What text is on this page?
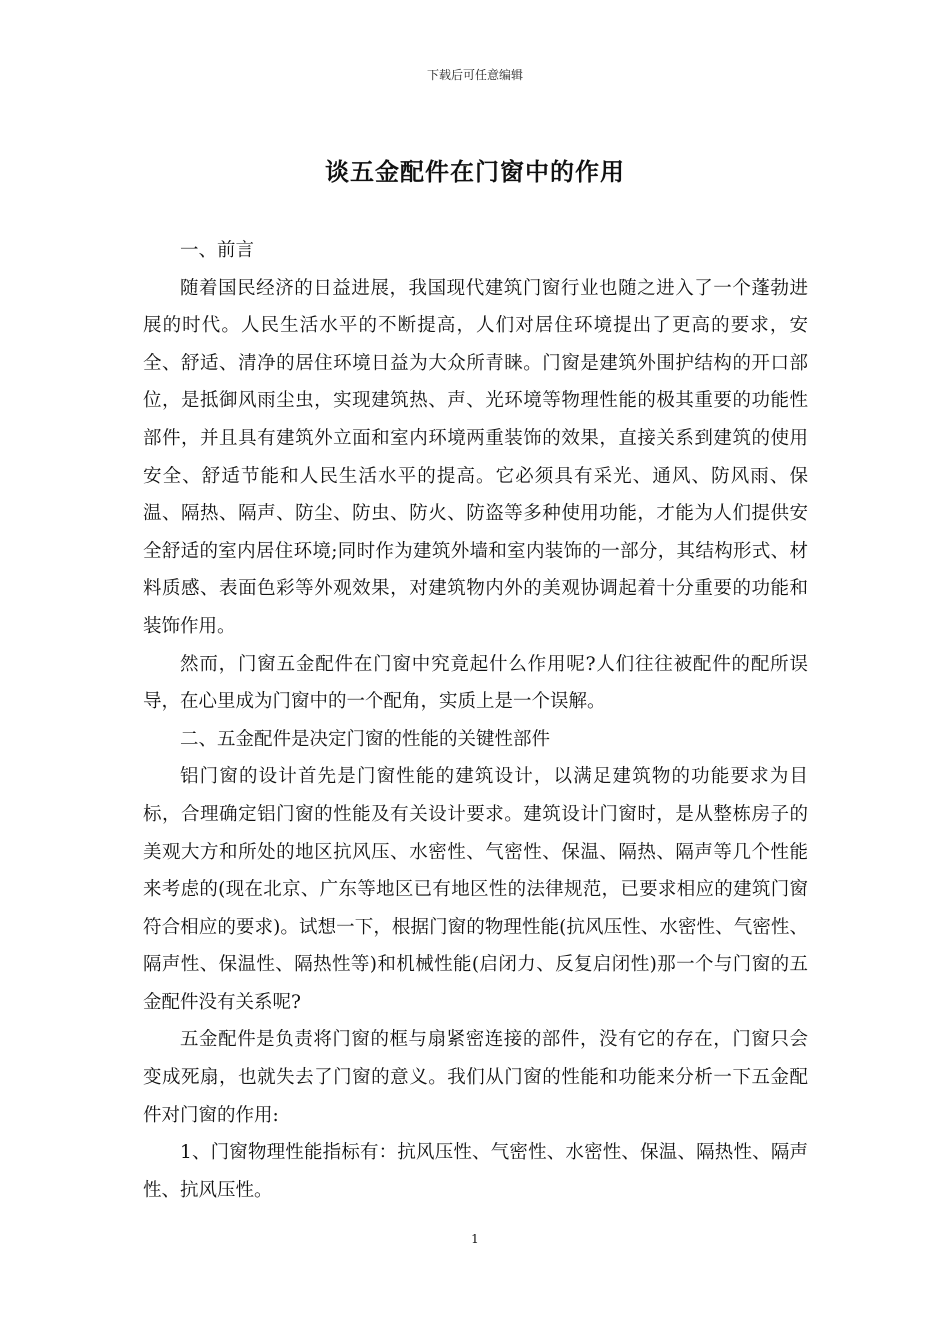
下载后可任意编辑
谈五金配件在门窗中的作用

一、前言

随着国民经济的日益进展，我国现代建筑门窗行业也随之进入了一个蓬勃进展的时代。人民生活水平的不断提高，人们对居住环境提出了更高的要求，安全、舒适、清净的居住环境日益为大众所青睐。门窗是建筑外围护结构的开口部位，是抵御风雨尘虫，实现建筑热、声、光环境等物理性能的极其重要的功能性部件，并且具有建筑外立面和室内环境两重装饰的效果，直接关系到建筑的使用安全、舒适节能和人民生活水平的提高。它必须具有采光、通风、防风雨、保温、隔热、隔声、防尘、防虫、防火、防盗等多种使用功能，才能为人们提供安全舒适的室内居住环境;同时作为建筑外墙和室内装饰的一部分，其结构形式、材料质感、表面色彩等外观效果，对建筑物内外的美观协调起着十分重要的功能和装饰作用。

然而，门窗五金配件在门窗中究竟起什么作用呢?人们往往被配件的配所误导，在心里成为门窗中的一个配角，实质上是一个误解。

二、五金配件是决定门窗的性能的关键性部件

铝门窗的设计首先是门窗性能的建筑设计，以满足建筑物的功能要求为目标，合理确定铝门窗的性能及有关设计要求。建筑设计门窗时，是从整栋房子的美观大方和所处的地区抗风压、水密性、气密性、保温、隔热、隔声等几个性能来考虑的(现在北京、广东等地区已有地区性的法律规范，已要求相应的建筑门窗符合相应的要求)。试想一下，根据门窗的物理性能(抗风压性、水密性、气密性、隔声性、保温性、隔热性等)和机械性能(启闭力、反复启闭性)那一个与门窗的五金配件没有关系呢?

五金配件是负责将门窗的框与扇紧密连接的部件，没有它的存在，门窗只会变成死扇，也就失去了门窗的意义。我们从门窗的性能和功能来分析一下五金配件对门窗的作用:

1、门窗物理性能指标有：抗风压性、气密性、水密性、保温、隔热性、隔声性、抗风压性。

1
